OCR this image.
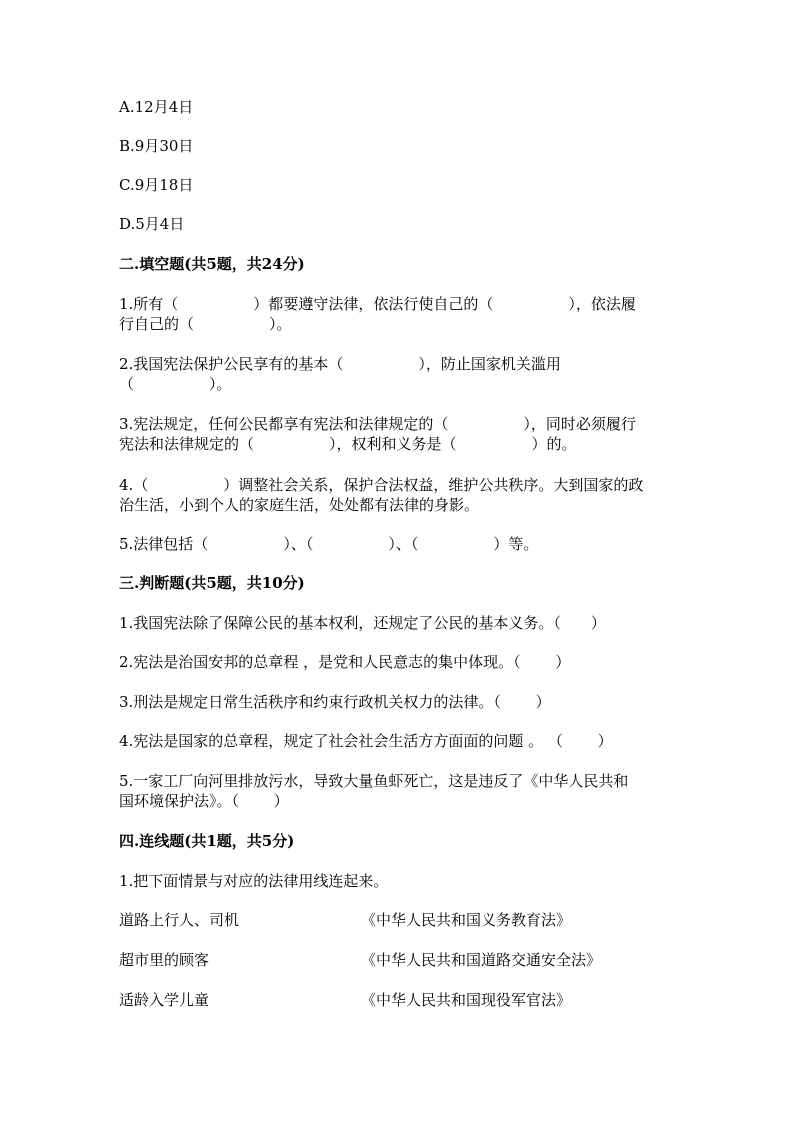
A.12月4日
B.9月30日
C.9月18日
D.5月4日
二.填空题(共5题，共24分)
1.所有（　　　　　）都要遵守法律，依法行使自己的（　　　　　），依法履
行自己的（　　　　　）。
2.我国宪法保护公民享有的基本（　　　　　），防止国家机关滥用
（　　　　　）。
3.宪法规定，任何公民都享有宪法和法律规定的（　　　　　），同时必须履行
宪法和法律规定的（　　　　　），权利和义务是（　　　　　）的。
4.（　　　　　）调整社会关系，保护合法权益，维护公共秩序。大到国家的政
治生活，小到个人的家庭生活，处处都有法律的身影。
5.法律包括（　　　　　）、（　　　　　）、（　　　　　）等。
三.判断题(共5题，共10分)
1.我国宪法除了保障公民的基本权利，还规定了公民的基本义务。（　　）
2.宪法是治国安邦的总章程 ，是党和人民意志的集中体现。（　　 ）
3.刑法是规定日常生活秩序和约束行政机关权力的法律。（　　 ）
4.宪法是国家的总章程，规定了社会社会生活方方面面的问题 。 （　　 ）
5.一家工厂向河里排放污水，导致大量鱼虾死亡，这是违反了《中华人民共和
国环境保护法》。（　　 ）
四.连线题(共1题，共5分)
1.把下面情景与对应的法律用线连起来。
道路上行人、司机	《中华人民共和国义务教育法》
超市里的顾客	《中华人民共和国道路交通安全法》
适龄入学儿童	《中华人民共和国现役军官法》
